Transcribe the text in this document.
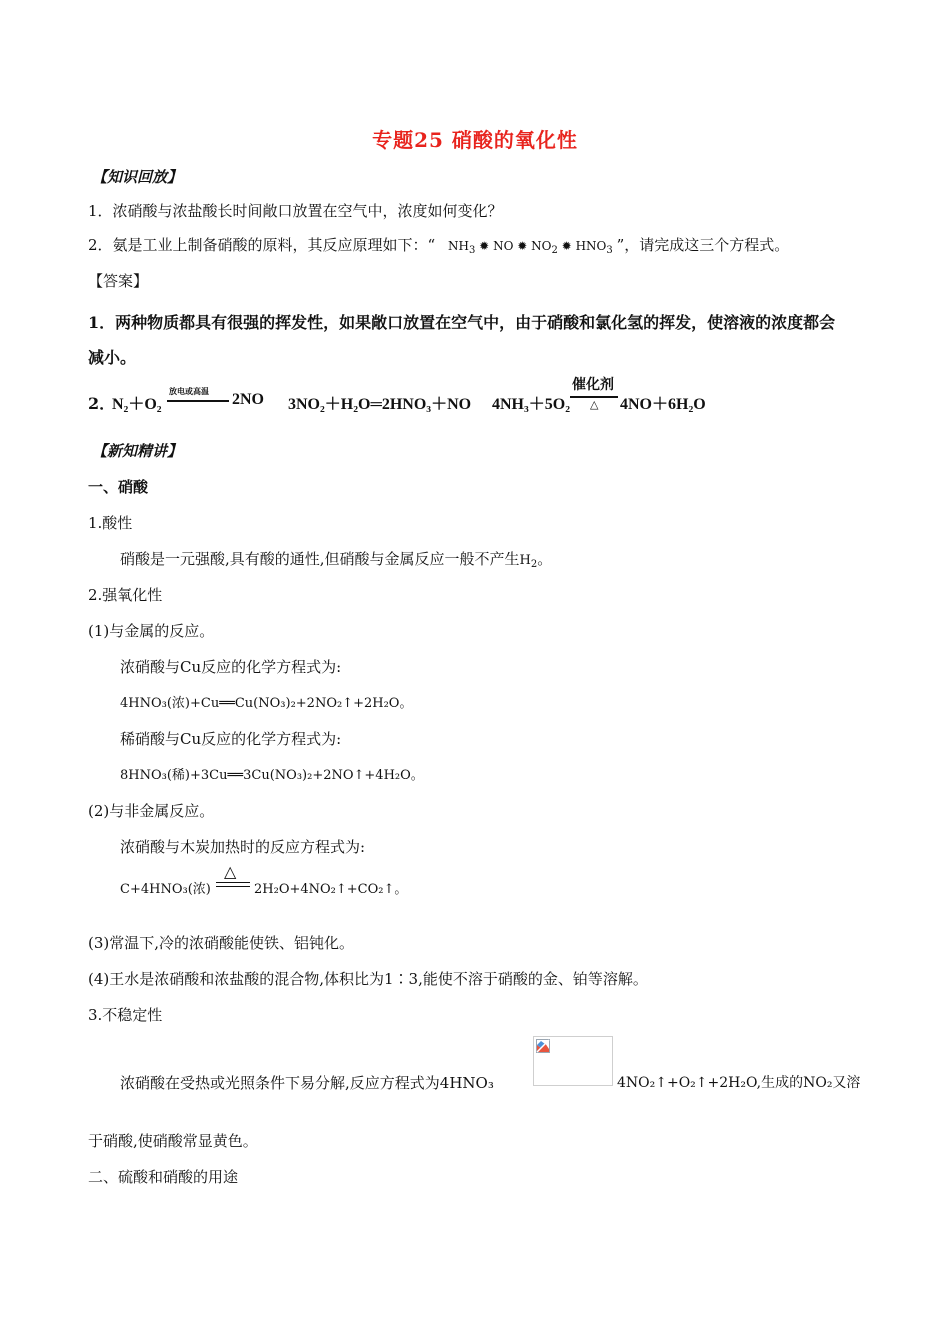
专题25 硝酸的氧化性
【知识回放】
1．浓硝酸与浓盐酸长时间敞口放置在空气中，浓度如何变化？
2．氨是工业上制备硝酸的原料，其反应原理如下：“ $NH_3$ ✹ NO ✹ $NO_2$ ✹ $HNO_3$ ”，请完成这三个方程式。
【答案】
1．两种物质都具有很强的挥发性，如果敞口放置在空气中，由于硝酸和氯化氢的挥发，使溶液的浓度都会
减小。
2．
N₂＋O₂
放电或高温 2NO 3NO₂＋H₂O═2HNO₃＋NO 4NH₃＋5O₂
催化剂
△ 4NO＋6H₂O
【新知精讲】
一、硝酸
1.酸性
硝酸是一元强酸,具有酸的通性,但硝酸与金属反应一般不产生$H_2$。
2.强氧化性
(1)与金属的反应。
浓硝酸与Cu反应的化学方程式为:
4HNO₃(浓)+Cu══Cu(NO₃)₂+2NO₂↑+2H₂O。
稀硝酸与Cu反应的化学方程式为:
8HNO₃(稀)+3Cu══3Cu(NO₃)₂+2NO↑+4H₂O。
(2)与非金属反应。
浓硝酸与木炭加热时的反应方程式为:
C+4HNO₃(浓)
△
2H₂O+4NO₂↑+CO₂↑。
(3)常温下,冷的浓硝酸能使铁、铝钝化。
(4)王水是浓硝酸和浓盐酸的混合物,体积比为1∶3,能使不溶于硝酸的金、铂等溶解。
3.不稳定性
浓硝酸在受热或光照条件下易分解,反应方程式为4HNO₃	4NO₂↑+O₂↑+2H₂O,生成的NO₂又溶
于硝酸,使硝酸常显黄色。
二、硫酸和硝酸的用途
